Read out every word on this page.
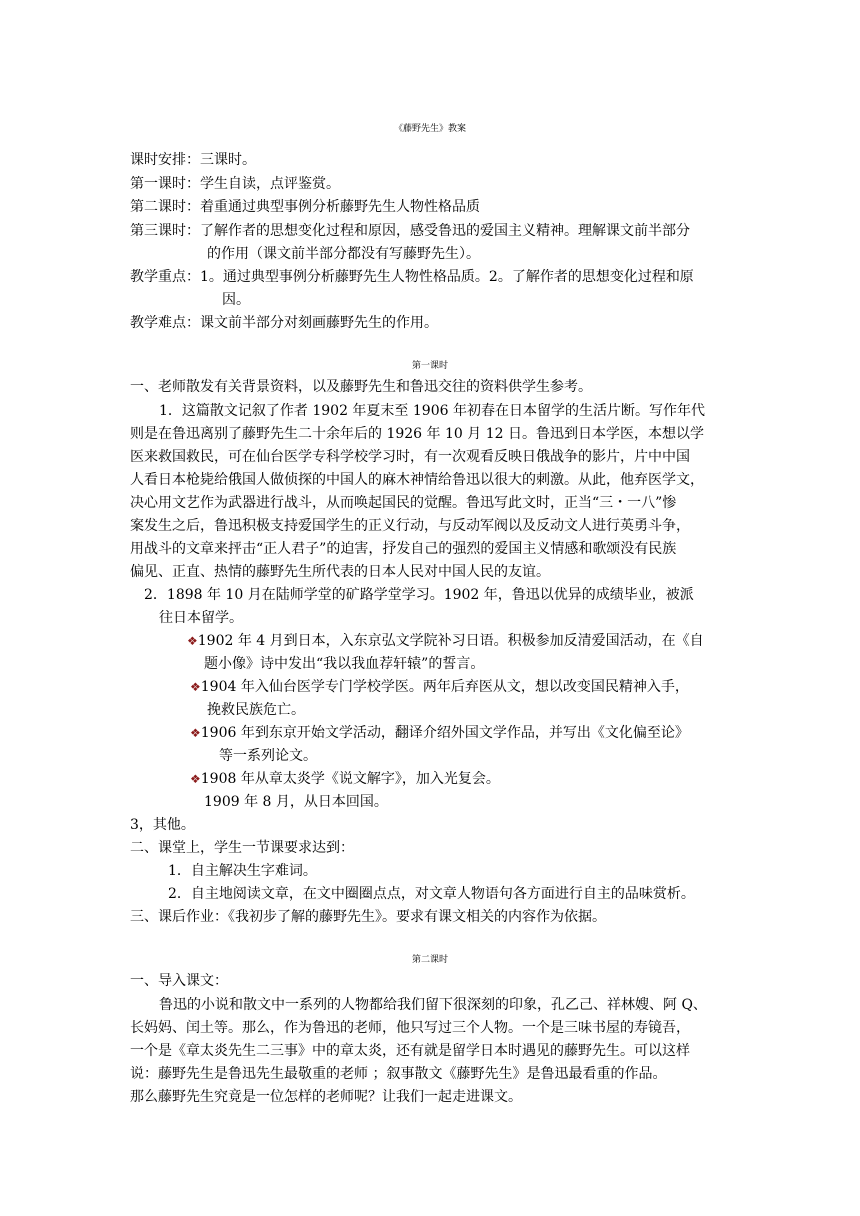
《藤野先生》教案
课时安排：三课时。
第一课时：学生自读，点评鉴赏。
第二课时：着重通过典型事例分析藤野先生人物性格品质
第三课时：了解作者的思想变化过程和原因，感受鲁迅的爱国主义精神。理解课文前半部分
的作用（课文前半部分都没有写藤野先生）。
教学重点：1。通过典型事例分析藤野先生人物性格品质。2。了解作者的思想变化过程和原
因。
教学难点：课文前半部分对刻画藤野先生的作用。
第一课时
一、老师散发有关背景资料，以及藤野先生和鲁迅交往的资料供学生参考。
1．这篇散文记叙了作者 1902 年夏末至 1906 年初春在日本留学的生活片断。写作年代
则是在鲁迅离别了藤野先生二十余年后的 1926 年 10 月 12 日。鲁迅到日本学医，本想以学
医来救国救民，可在仙台医学专科学校学习时，有一次观看反映日俄战争的影片，片中中国
人看日本枪毙给俄国人做侦探的中国人的麻木神情给鲁迅以很大的刺激。从此，他弃医学文，
决心用文艺作为武器进行战斗，从而唤起国民的觉醒。鲁迅写此文时，正当“三・一八”惨
案发生之后，鲁迅积极支持爱国学生的正义行动，与反动军阀以及反动文人进行英勇斗争，
用战斗的文章来抨击“正人君子”的迫害，抒发自己的强烈的爱国主义情感和歌颂没有民族
偏见、正直、热情的藤野先生所代表的日本人民对中国人民的友谊。
2．1898 年 10 月在陆师学堂的矿路学堂学习。1902 年，鲁迅以优异的成绩毕业，被派
往日本留学。
❖1902 年 4 月到日本，入东京弘文学院补习日语。积极参加反清爱国活动，在《自
题小像》诗中发出“我以我血荐轩辕”的誓言。
❖1904 年入仙台医学专门学校学医。两年后弃医从文，想以改变国民精神入手，
挽救民族危亡。
❖1906 年到东京开始文学活动，翻译介绍外国文学作品，并写出《文化偏至论》
等一系列论文。
❖1908 年从章太炎学《说文解字》，加入光复会。
1909 年 8 月，从日本回国。
3，其他。
二、课堂上，学生一节课要求达到：
1．自主解决生字难词。
2．自主地阅读文章，在文中圈圈点点，对文章人物语句各方面进行自主的品味赏析。
三、课后作业：《我初步了解的藤野先生》。要求有课文相关的内容作为依据。
第二课时
一、导入课文：
鲁迅的小说和散文中一系列的人物都给我们留下很深刻的印象，孔乙己、祥林嫂、阿 Q、
长妈妈、闰土等。那么，作为鲁迅的老师，他只写过三个人物。一个是三味书屋的寿镜吾，
一个是《章太炎先生二三事》中的章太炎，还有就是留学日本时遇见的藤野先生。可以这样
说：藤野先生是鲁迅先生最敬重的老师 ；叙事散文《藤野先生》是鲁迅最看重的作品。
那么藤野先生究竟是一位怎样的老师呢？让我们一起走进课文。
